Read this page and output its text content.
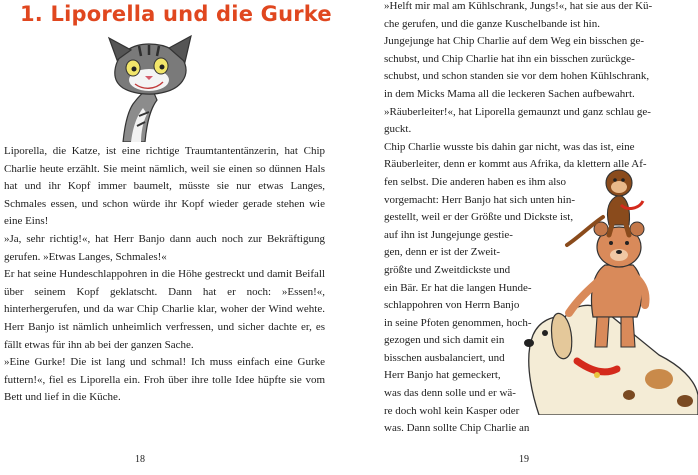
1. Liporella und die Gurke

Liporella, die Katze, ist eine richtige Traumtantentänzerin, hat Chip Charlie heute erzählt. Sie meint nämlich, weil sie einen so dünnen Hals hat und ihr Kopf immer baumelt, müsste sie nur etwas Langes, Schmales essen, und schon würde ihr Kopf wieder gerade stehen wie eine Eins!

»Ja, sehr richtig!«, hat Herr Banjo dann auch noch zur Bekräftigung gerufen. »Etwas Langes, Schmales!«

Er hat seine Hundeschlappohren in die Höhe gestreckt und damit Beifall über seinem Kopf geklatscht. Dann hat er noch: »Essen!«, hinterhergerufen, und da war Chip Charlie klar, woher der Wind wehte. Herr Banjo ist nämlich unheimlich verfressen, und sicher dachte er, es fällt etwas für ihn ab bei der ganzen Sache.

»Eine Gurke! Die ist lang und schmal! Ich muss einfach eine Gurke futtern!«, fiel es Liporella ein. Froh über ihre tolle Idee hüpfte sie vom Bett und lief in die Küche.

18
»Helft mir mal am Kühlschrank, Jungs!«, hat sie aus der Kü-
che gerufen, und die ganze Kuschelbande ist hin.
Jungejunge hat Chip Charlie auf dem Weg ein bisschen ge-
schubst, und Chip Charlie hat ihn ein bisschen zurückge-
schubst, und schon standen sie vor dem hohen Kühlschrank,
in dem Micks Mama all die leckeren Sachen aufbewahrt.
»Räuberleiter!«, hat Liporella gemaunzt und ganz schlau ge-
guckt.
Chip Charlie wusste bis dahin gar nicht, was das ist, eine
Räuberleiter, denn er kommt aus Afrika, da klettern alle Af-
fen selbst. Die anderen haben es ihm also
vorgemacht: Herr Banjo hat sich unten hin-
gestellt, weil er der Größte und Dickste ist,
auf ihn ist Jungejunge gestie-
gen, denn er ist der Zweit-
größte und Zweitdickste und
ein Bär. Er hat die langen Hunde-
schlappohren von Herrn Banjo
in seine Pfoten genommen, hoch-
gezogen und sich damit ein
bisschen ausbalanciert, und
Herr Banjo hat gemeckert,
was das denn solle und er wä-
re doch wohl kein Kasper oder
was. Dann sollte Chip Charlie an
19
